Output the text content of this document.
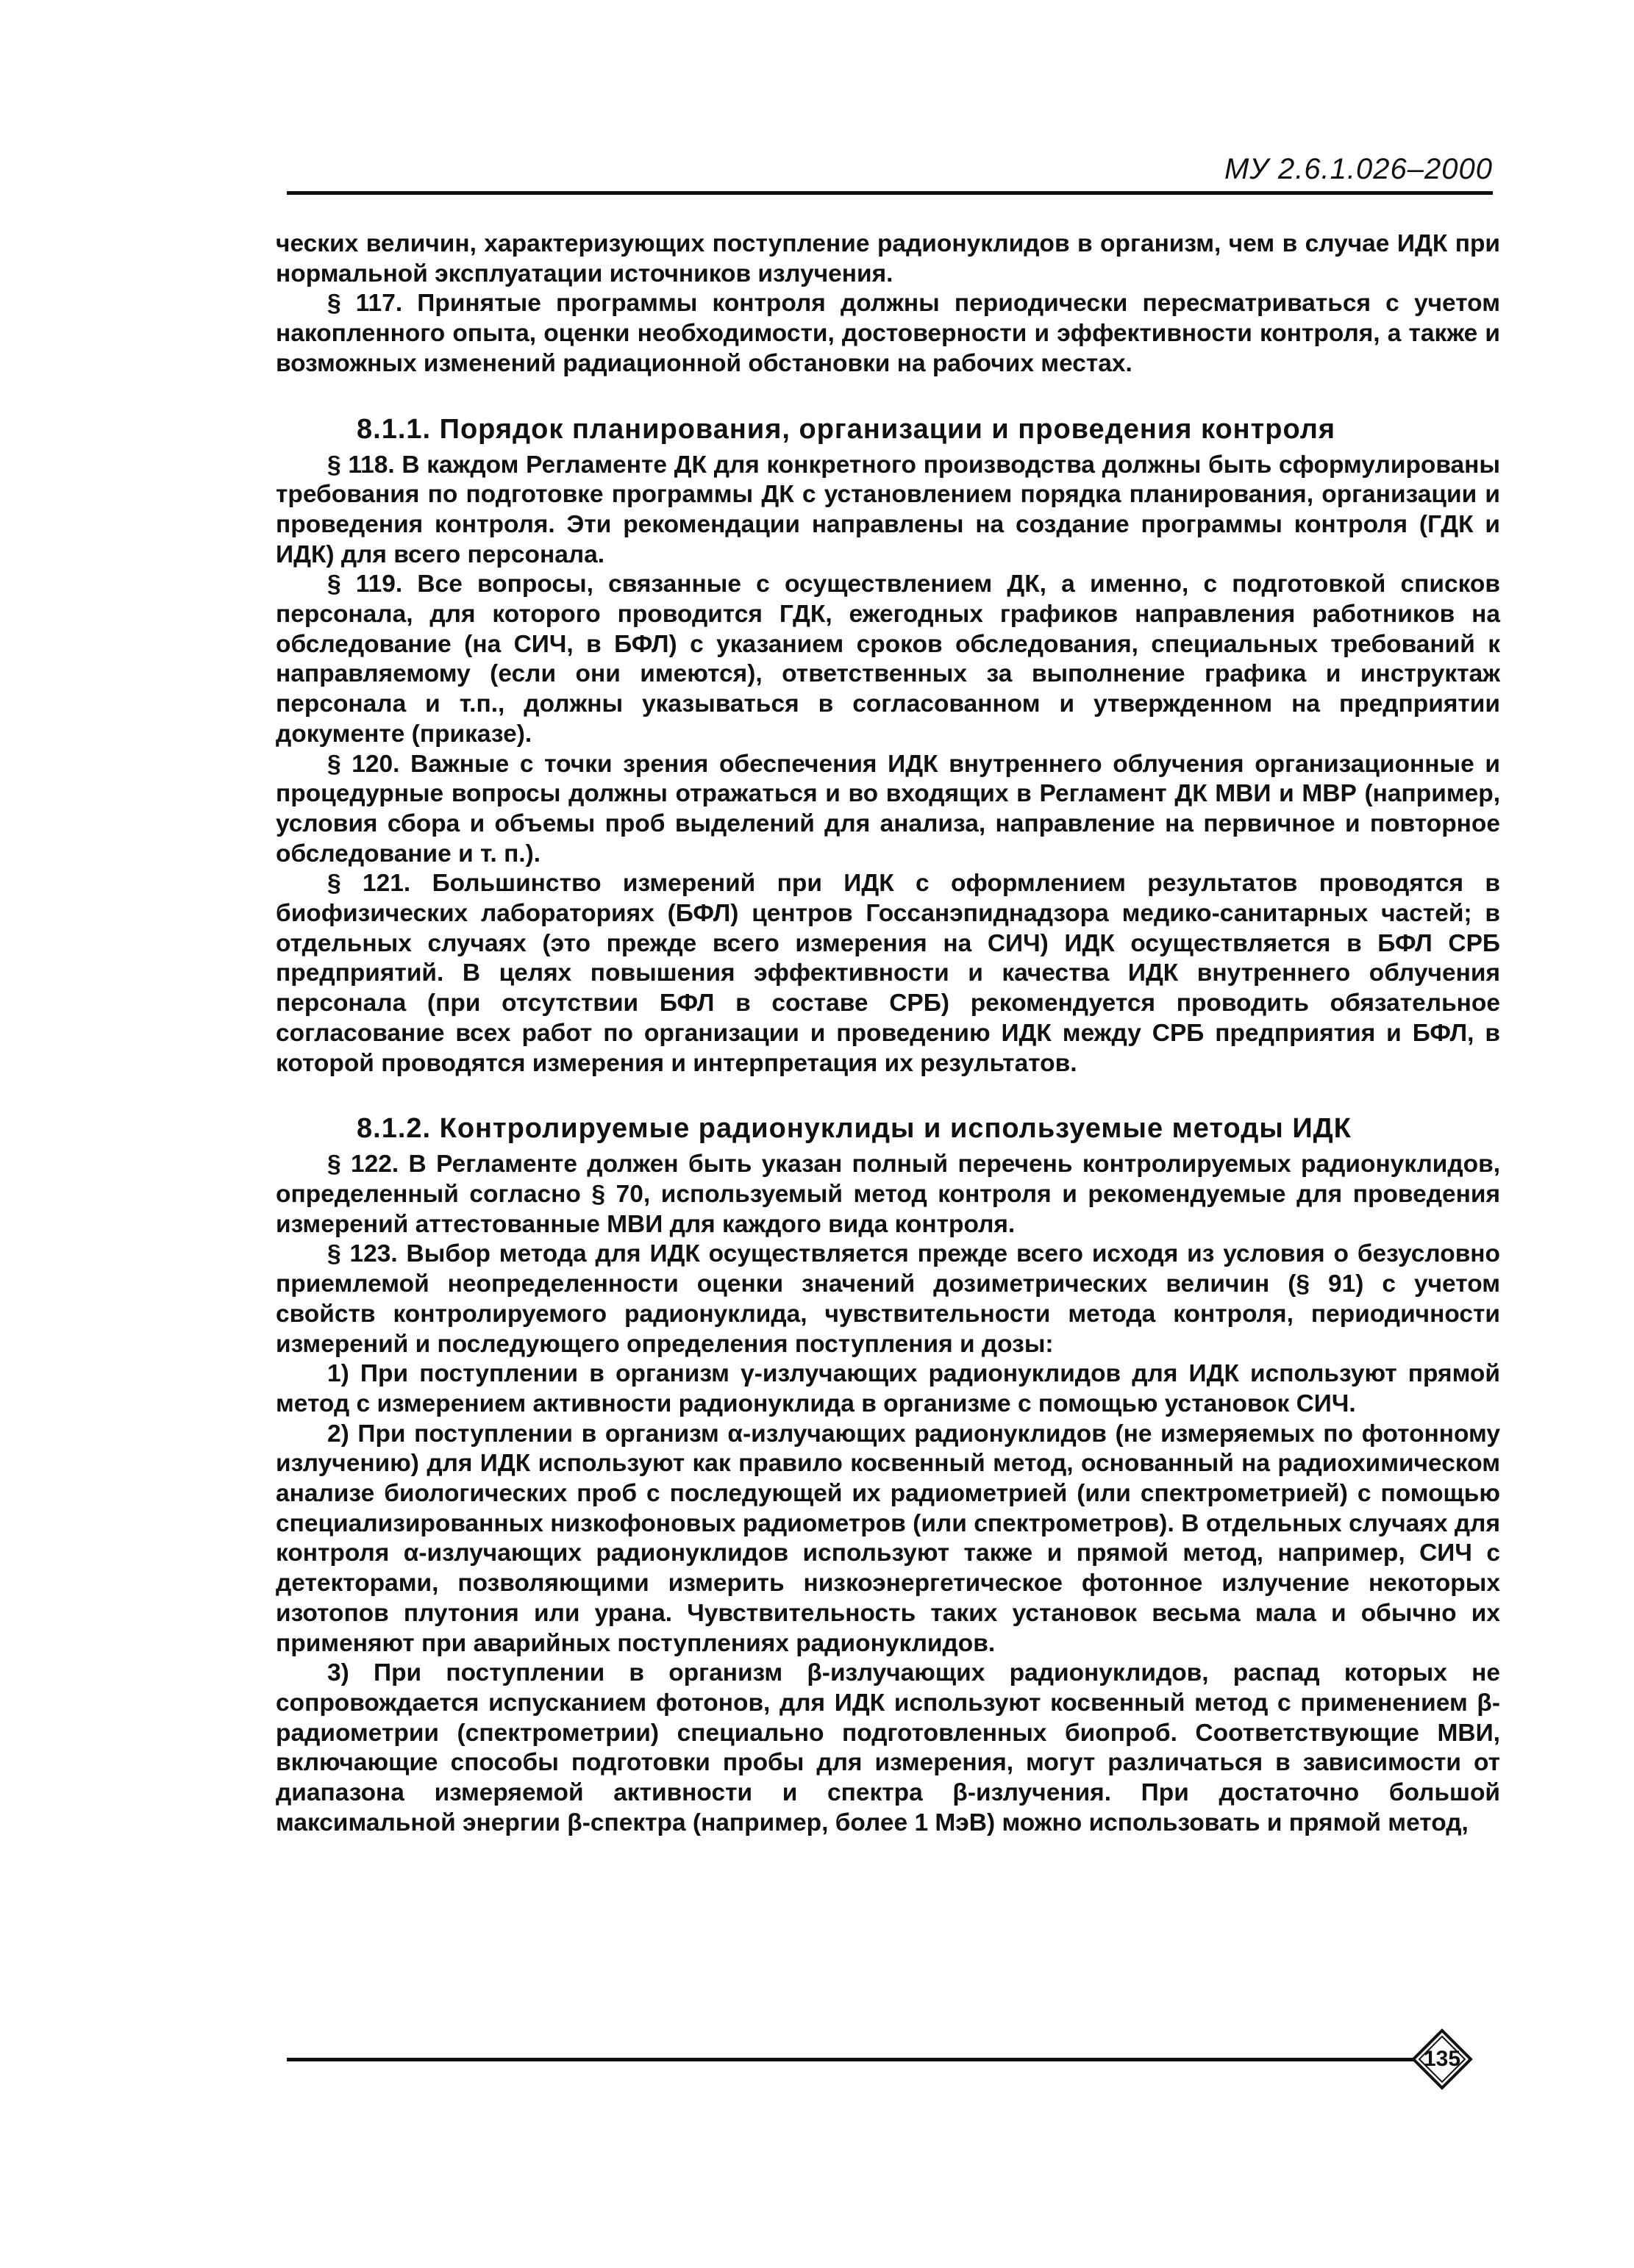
МУ 2.6.1.026–2000

ческих величин, характеризующих поступление радионуклидов в организм, чем в случае ИДК при нормальной эксплуатации источников излучения.

§ 117. Принятые программы контроля должны периодически пересматриваться с учетом накопленного опыта, оценки необходимости, достоверности и эффективности контроля, а также и возможных изменений радиационной обстановки на рабочих местах.

8.1.1. Порядок планирования, организации и проведения контроля

§ 118. В каждом Регламенте ДК для конкретного производства должны быть сформулированы требования по подготовке программы ДК с установлением порядка планирования, организации и проведения контроля. Эти рекомендации направлены на создание программы контроля (ГДК и ИДК) для всего персонала.

§ 119. Все вопросы, связанные с осуществлением ДК, а именно, с подготовкой списков персонала, для которого проводится ГДК, ежегодных графиков направления работников на обследование (на СИЧ, в БФЛ) с указанием сроков обследования, специальных требований к направляемому (если они имеются), ответственных за выполнение графика и инструктаж персонала и т.п., должны указываться в согласованном и утвержденном на предприятии документе (приказе).

§ 120. Важные с точки зрения обеспечения ИДК внутреннего облучения организационные и процедурные вопросы должны отражаться и во входящих в Регламент ДК МВИ и МВР (например, условия сбора и объемы проб выделений для анализа, направление на первичное и повторное обследование и т. п.).

§ 121. Большинство измерений при ИДК с оформлением результатов проводятся в биофизических лабораториях (БФЛ) центров Госсанэпиднадзора медико-санитарных частей; в отдельных случаях (это прежде всего измерения на СИЧ) ИДК осуществляется в БФЛ СРБ предприятий. В целях повышения эффективности и качества ИДК внутреннего облучения персонала (при отсутствии БФЛ в составе СРБ) рекомендуется проводить обязательное согласование всех работ по организации и проведению ИДК между СРБ предприятия и БФЛ, в которой проводятся измерения и интерпретация их результатов.

8.1.2. Контролируемые радионуклиды и используемые методы ИДК

§ 122. В Регламенте должен быть указан полный перечень контролируемых радионуклидов, определенный согласно § 70, используемый метод контроля и рекомендуемые для проведения измерений аттестованные МВИ для каждого вида контроля.

§ 123. Выбор метода для ИДК осуществляется прежде всего исходя из условия о безусловно приемлемой неопределенности оценки значений дозиметрических величин (§ 91) с учетом свойств контролируемого радионуклида, чувствительности метода контроля, периодичности измерений и последующего определения поступления и дозы:

1) При поступлении в организм γ-излучающих радионуклидов для ИДК используют прямой метод с измерением активности радионуклида в организме с помощью установок СИЧ.

2) При поступлении в организм α-излучающих радионуклидов (не измеряемых по фотонному излучению) для ИДК используют как правило косвенный метод, основанный на радиохимическом анализе биологических проб с последующей их радиометрией (или спектрометрией) с помощью специализированных низкофоновых радиометров (или спектрометров). В отдельных случаях для контроля α-излучающих радионуклидов используют также и прямой метод, например, СИЧ с детекторами, позволяющими измерить низкоэнергетическое фотонное излучение некоторых изотопов плутония или урана. Чувствительность таких установок весьма мала и обычно их применяют при аварийных поступлениях радионуклидов.

3) При поступлении в организм β-излучающих радионуклидов, распад которых не сопровождается испусканием фотонов, для ИДК используют косвенный метод с применением β-радиометрии (спектрометрии) специально подготовленных биопроб. Соответствующие МВИ, включающие способы подготовки пробы для измерения, могут различаться в зависимости от диапазона измеряемой активности и спектра β-излучения. При достаточно большой максимальной энергии β-спектра (например, более 1 МэВ) можно использовать и прямой метод,

135
